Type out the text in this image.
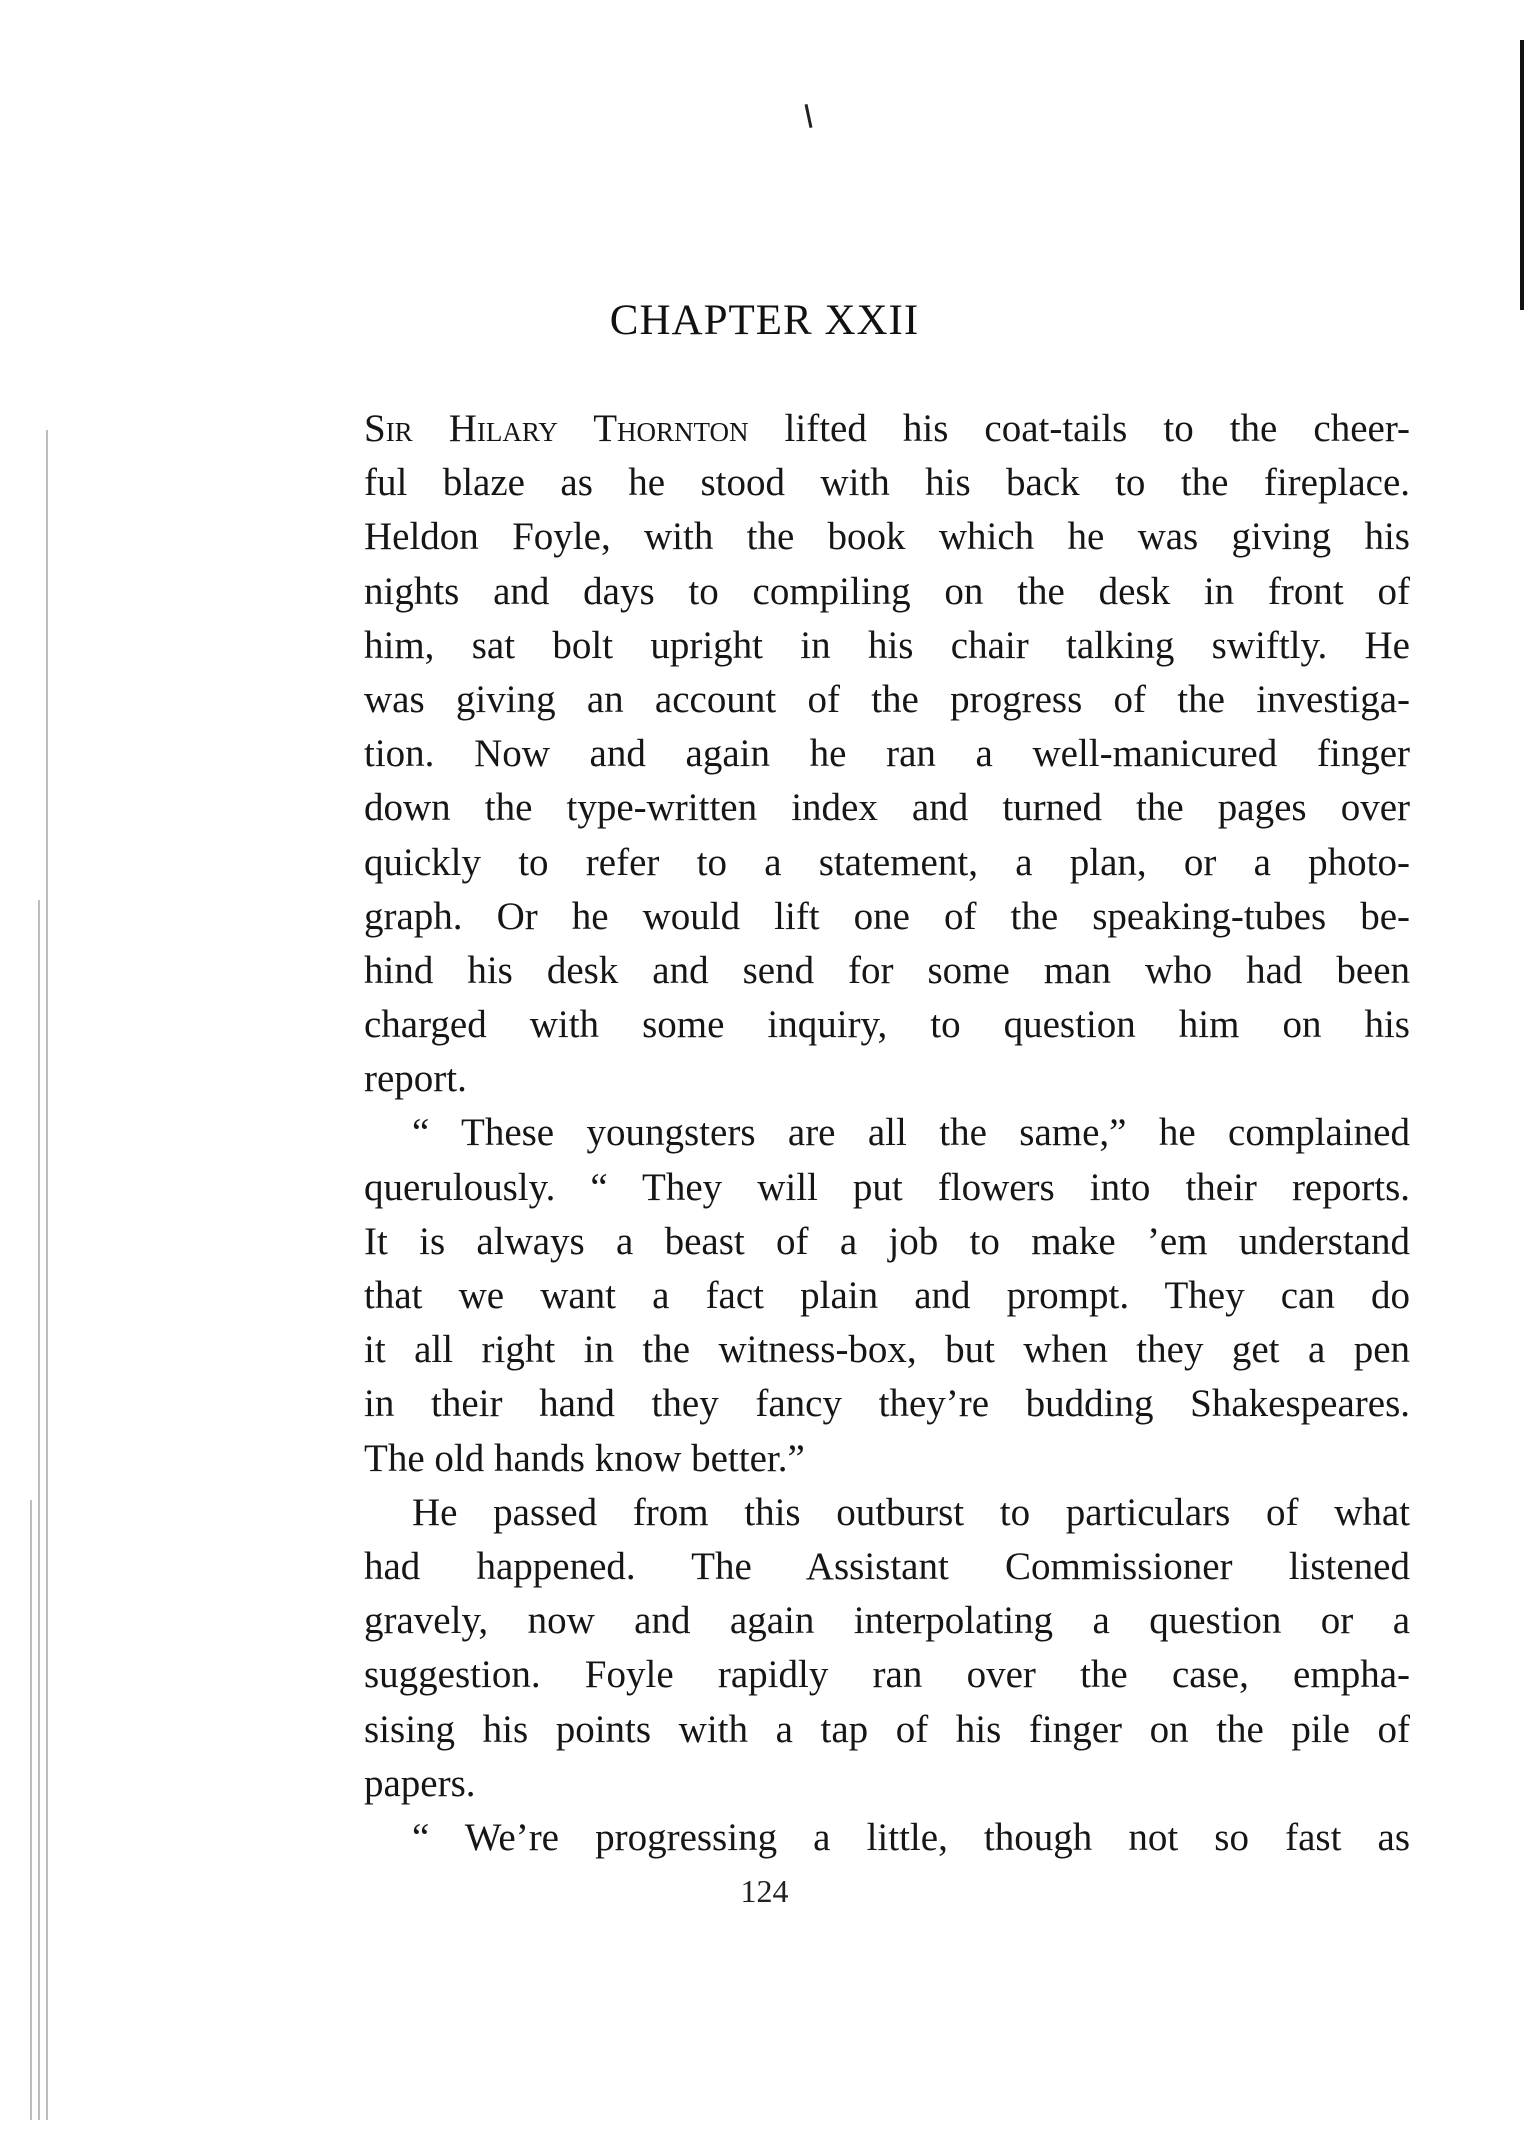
CHAPTER XXII
Sir Hilary Thornton lifted his coat-tails to the cheer-
ful blaze as he stood with his back to the fireplace.
Heldon Foyle, with the book which he was giving his
nights and days to compiling on the desk in front of
him, sat bolt upright in his chair talking swiftly. He
was giving an account of the progress of the investiga-
tion. Now and again he ran a well-manicured finger
down the type-written index and turned the pages over
quickly to refer to a statement, a plan, or a photo-
graph. Or he would lift one of the speaking-tubes be-
hind his desk and send for some man who had been
charged with some inquiry, to question him on his
report.
“ These youngsters are all the same,” he complained
querulously. “ They will put flowers into their reports.
It is always a beast of a job to make ’em understand
that we want a fact plain and prompt. They can do
it all right in the witness-box, but when they get a pen
in their hand they fancy they’re budding Shakespeares.
The old hands know better.”
He passed from this outburst to particulars of what
had happened. The Assistant Commissioner listened
gravely, now and again interpolating a question or a
suggestion. Foyle rapidly ran over the case, empha-
sising his points with a tap of his finger on the pile of
papers.
“ We’re progressing a little, though not so fast as
124
